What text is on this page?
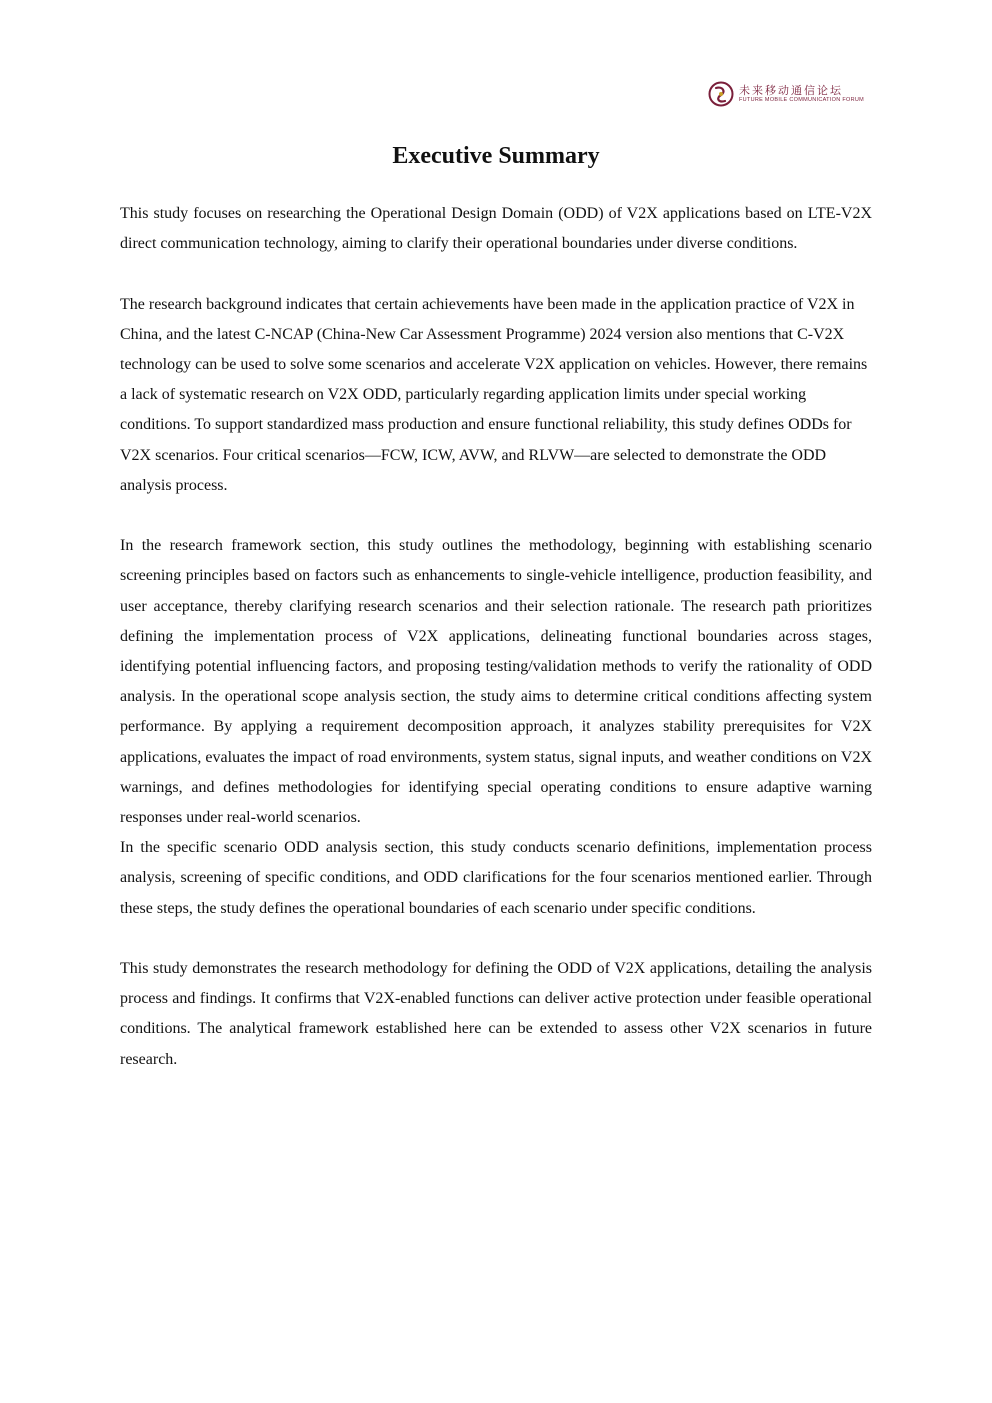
未来移动通信论坛
FUTURE MOBILE COMMUNICATION FORUM
Executive Summary

This study focuses on researching the Operational Design Domain (ODD) of V2X applications based on LTE-V2X direct communication technology, aiming to clarify their operational boundaries under diverse conditions.

The research background indicates that certain achievements have been made in the application practice of V2X in China, and the latest C-NCAP (China-New Car Assessment Programme) 2024 version also mentions that C-V2X technology can be used to solve some scenarios and accelerate V2X application on vehicles. However, there remains a lack of systematic research on V2X ODD, particularly regarding application limits under special working conditions. To support standardized mass production and ensure functional reliability, this study defines ODDs for V2X scenarios. Four critical scenarios—FCW, ICW, AVW, and RLVW—are selected to demonstrate the ODD analysis process.

In the research framework section, this study outlines the methodology, beginning with establishing scenario screening principles based on factors such as enhancements to single-vehicle intelligence, production feasibility, and user acceptance, thereby clarifying research scenarios and their selection rationale. The research path prioritizes defining the implementation process of V2X applications, delineating functional boundaries across stages, identifying potential influencing factors, and proposing testing/validation methods to verify the rationality of ODD analysis. In the operational scope analysis section, the study aims to determine critical conditions affecting system performance. By applying a requirement decomposition approach, it analyzes stability prerequisites for V2X applications, evaluates the impact of road environments, system status, signal inputs, and weather conditions on V2X warnings, and defines methodologies for identifying special operating conditions to ensure adaptive warning responses under real-world scenarios.

In the specific scenario ODD analysis section, this study conducts scenario definitions, implementation process analysis, screening of specific conditions, and ODD clarifications for the four scenarios mentioned earlier. Through these steps, the study defines the operational boundaries of each scenario under specific conditions.

This study demonstrates the research methodology for defining the ODD of V2X applications, detailing the analysis process and findings. It confirms that V2X-enabled functions can deliver active protection under feasible operational conditions. The analytical framework established here can be extended to assess other V2X scenarios in future research.
